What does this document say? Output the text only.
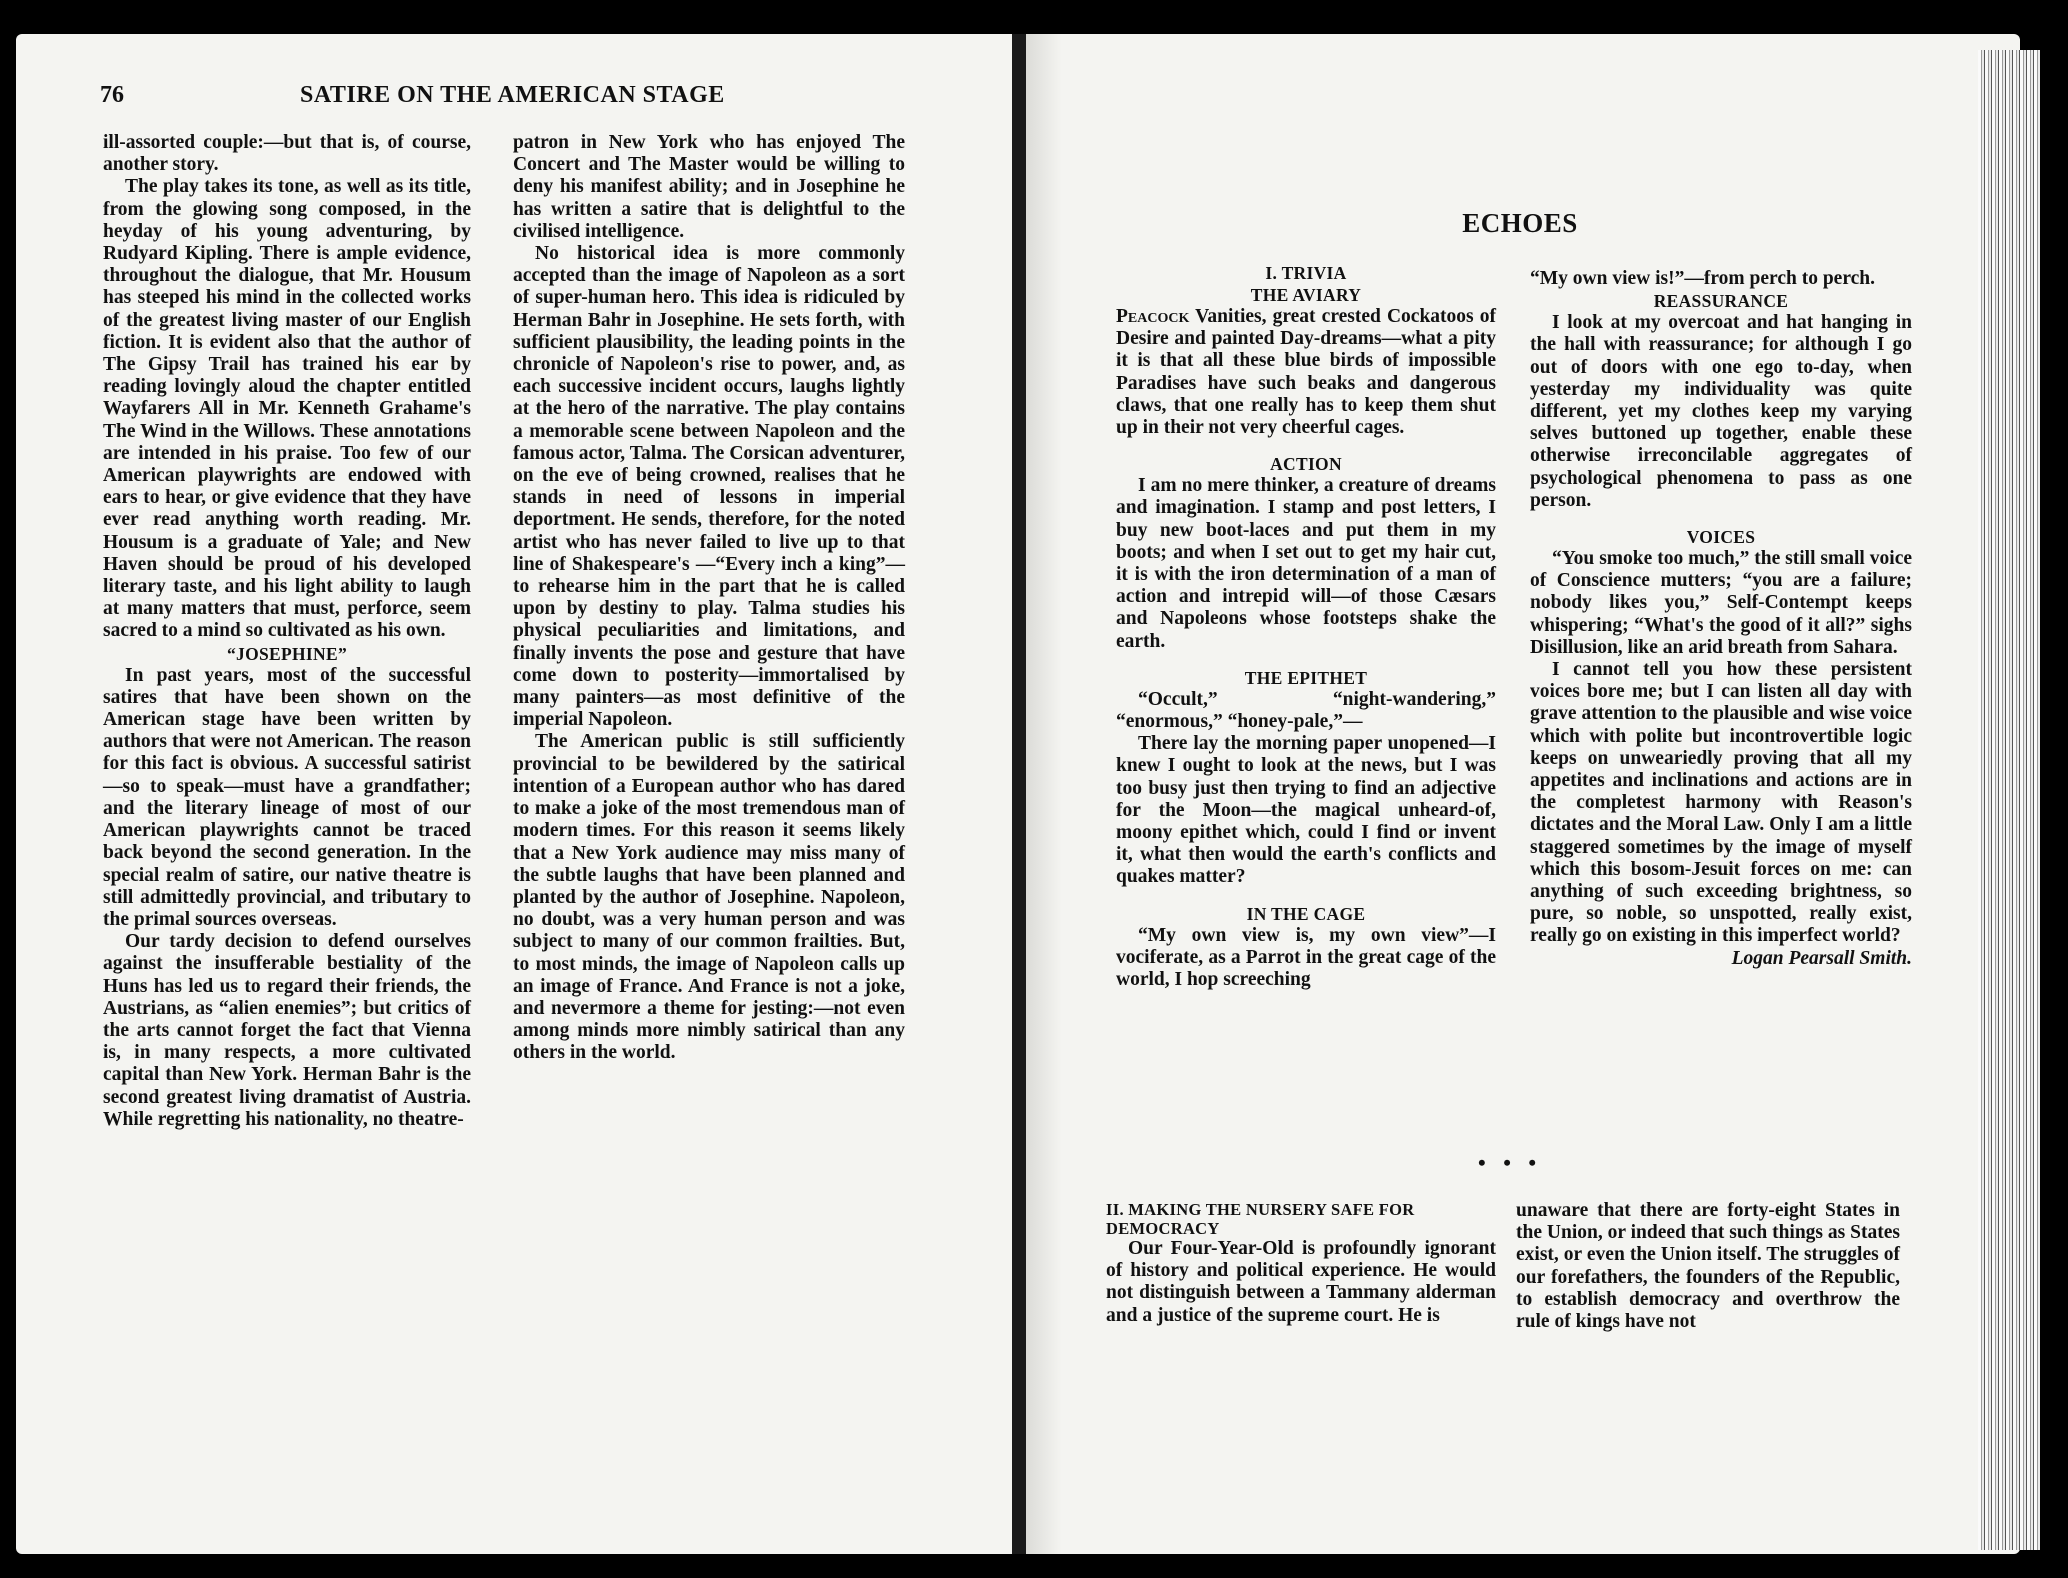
76	SATIRE ON THE AMERICAN STAGE

ill-assorted couple:—but that is, of course, another story.

The play takes its tone, as well as its title, from the glowing song composed, in the heyday of his young adventuring, by Rudyard Kipling. There is ample evidence, throughout the dialogue, that Mr. Housum has steeped his mind in the collected works of the greatest living master of our English fiction. It is evident also that the author of The Gipsy Trail has trained his ear by reading lovingly aloud the chapter entitled Wayfarers All in Mr. Kenneth Grahame's The Wind in the Willows. These annotations are intended in his praise. Too few of our American playwrights are endowed with ears to hear, or give evidence that they have ever read anything worth reading. Mr. Housum is a graduate of Yale; and New Haven should be proud of his developed literary taste, and his light ability to laugh at many matters that must, perforce, seem sacred to a mind so cultivated as his own.

“JOSEPHINE”

In past years, most of the successful satires that have been shown on the American stage have been written by authors that were not American. The reason for this fact is obvious. A successful satirist—so to speak—must have a grandfather; and the literary lineage of most of our American playwrights cannot be traced back beyond the second generation. In the special realm of satire, our native theatre is still admittedly provincial, and tributary to the primal sources overseas.

Our tardy decision to defend ourselves against the insufferable bestiality of the Huns has led us to regard their friends, the Austrians, as “alien enemies”; but critics of the arts cannot forget the fact that Vienna is, in many respects, a more cultivated capital than New York. Herman Bahr is the second greatest living dramatist of Austria. While regretting his nationality, no theatre-

patron in New York who has enjoyed The Concert and The Master would be willing to deny his manifest ability; and in Josephine he has written a satire that is delightful to the civilised intelligence.

No historical idea is more commonly accepted than the image of Napoleon as a sort of super-human hero. This idea is ridiculed by Herman Bahr in Josephine. He sets forth, with sufficient plausibility, the leading points in the chronicle of Napoleon's rise to power, and, as each successive incident occurs, laughs lightly at the hero of the narrative. The play contains a memorable scene between Napoleon and the famous actor, Talma. The Corsican adventurer, on the eve of being crowned, realises that he stands in need of lessons in imperial deportment. He sends, therefore, for the noted artist who has never failed to live up to that line of Shakespeare's —“Every inch a king”—to rehearse him in the part that he is called upon by destiny to play. Talma studies his physical peculiarities and limitations, and finally invents the pose and gesture that have come down to posterity—immortalised by many painters—as most definitive of the imperial Napoleon.

The American public is still sufficiently provincial to be bewildered by the satirical intention of a European author who has dared to make a joke of the most tremendous man of modern times. For this reason it seems likely that a New York audience may miss many of the subtle laughs that have been planned and planted by the author of Josephine. Napoleon, no doubt, was a very human person and was subject to many of our common frailties. But, to most minds, the image of Napoleon calls up an image of France. And France is not a joke, and nevermore a theme for jesting:—not even among minds more nimbly satirical than any others in the world.

ECHOES
I. TRIVIA
THE AVIARY

Peacock Vanities, great crested Cockatoos of Desire and painted Day-dreams—what a pity it is that all these blue birds of impossible Paradises have such beaks and dangerous claws, that one really has to keep them shut up in their not very cheerful cages.

ACTION

I am no mere thinker, a creature of dreams and imagination. I stamp and post letters, I buy new boot-laces and put them in my boots; and when I set out to get my hair cut, it is with the iron determination of a man of action and intrepid will—of those Cæsars and Napoleons whose footsteps shake the earth.

THE EPITHET

“Occult,” “night-wandering,” “enormous,” “honey-pale,”—

There lay the morning paper unopened—I knew I ought to look at the news, but I was too busy just then trying to find an adjective for the Moon—the magical unheard-of, moony epithet which, could I find or invent it, what then would the earth's conflicts and quakes matter?

IN THE CAGE

“My own view is, my own view”—I vociferate, as a Parrot in the great cage of the world, I hop screeching

“My own view is!”—from perch to perch.

REASSURANCE

I look at my overcoat and hat hanging in the hall with reassurance; for although I go out of doors with one ego to-day, when yesterday my individuality was quite different, yet my clothes keep my varying selves buttoned up together, enable these otherwise irreconcilable aggregates of psychological phenomena to pass as one person.

VOICES

“You smoke too much,” the still small voice of Conscience mutters; “you are a failure; nobody likes you,” Self-Contempt keeps whispering; “What's the good of it all?” sighs Disillusion, like an arid breath from Sahara.

I cannot tell you how these persistent voices bore me; but I can listen all day with grave attention to the plausible and wise voice which with polite but incontrovertible logic keeps on unweariedly proving that all my appetites and inclinations and actions are in the completest harmony with Reason's dictates and the Moral Law. Only I am a little staggered sometimes by the image of myself which this bosom-Jesuit forces on me: can anything of such exceeding brightness, so pure, so noble, so unspotted, really exist, really go on existing in this imperfect world?

Logan Pearsall Smith.

• • •
II. MAKING THE NURSERY SAFE FOR DEMOCRACY

Our Four-Year-Old is profoundly ignorant of history and political experience. He would not distinguish between a Tammany alderman and a justice of the supreme court. He is

unaware that there are forty-eight States in the Union, or indeed that such things as States exist, or even the Union itself. The struggles of our forefathers, the founders of the Republic, to establish democracy and overthrow the rule of kings have not
